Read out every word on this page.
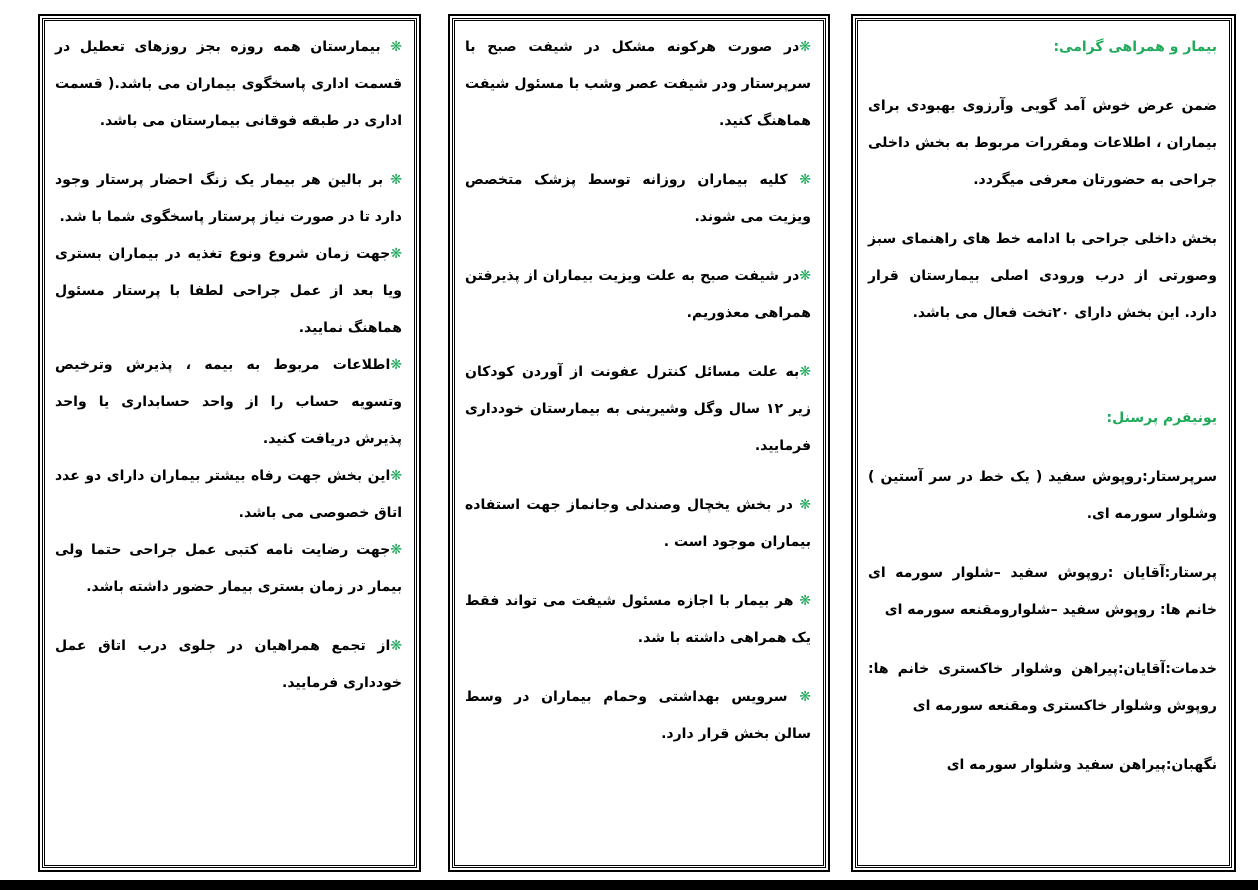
بیمار و همراهی گرامی:

ضمن عرض خوش آمد گویی وآرزوی بهبودی برای بیماران ، اطلاعات ومقررات مربوط به بخش داخلی جراحی به حضورتان معرفی میگردد.

بخش داخلی جراحی با ادامه خط های راهنمای سبز وصورتی از درب ورودی اصلی بیمارستان قرار دارد. این بخش دارای ۲۰تخت فعال می باشد.

یونیفرم پرسنل:

سرپرستار:روپوش سفید ( یک خط در سر آستین ) وشلوار سورمه ای.

پرستار:آقایان :روپوش سفید –شلوار سورمه ای خانم ها: روپوش سفید –شلوارومقنعه سورمه ای

خدمات:آقایان:پیراهن وشلوار خاکستری خانم ها: روپوش وشلوار خاکستری ومقنعه سورمه ای

نگهبان:پیراهن سفید وشلوار سورمه ای

❋در صورت هرکونه مشکل در شیفت صبح با سرپرستار ودر شیفت عصر وشب با مسئول شیفت هماهنگ کنید.

❋ کلیه بیماران روزانه توسط پزشک متخصص ویزیت می شوند.

❋در شیفت صبح به علت ویزیت بیماران از پذیرفتن همراهی معذوریم.

❋به علت مسائل کنترل عفونت از آوردن کودکان زیر ۱۲ سال وگل وشیرینی به بیمارستان خودداری فرمایید.

❋ در بخش یخچال وصندلی وجانماز جهت استفاده بیماران موجود است .

❋ هر بیمار با اجازه مسئول شیفت می تواند فقط یک همراهی داشته با شد.

❋ سرویس بهداشتی وحمام بیماران در وسط سالن بخش قرار دارد.

❋ بیمارستان همه روزه بجز روزهای تعطیل در قسمت اداری پاسخگوی بیماران می باشد.( قسمت اداری در طبقه فوقانی بیمارستان می باشد.

❋ بر بالین هر بیمار یک زنگ احضار پرستار وجود دارد تا در صورت نیاز پرستار پاسخگوی شما با شد.

❋جهت زمان شروع ونوع تغذیه در بیماران بستری ویا بعد از عمل جراحی لطفا با پرستار مسئول هماهنگ نمایید.

❋اطلاعات مربوط به بیمه ، پذیرش وترخیص وتسویه حساب را از واحد حسابداری یا واحد پذیرش دریافت کنید.

❋این بخش جهت رفاه بیشتر بیماران دارای دو عدد اتاق خصوصی می باشد.

❋جهت رضایت نامه کتبی عمل جراحی حتما ولی بیمار در زمان بستری بیمار حضور داشته باشد.

❋از تجمع همراهیان در جلوی درب اتاق عمل خودداری فرمایید.
